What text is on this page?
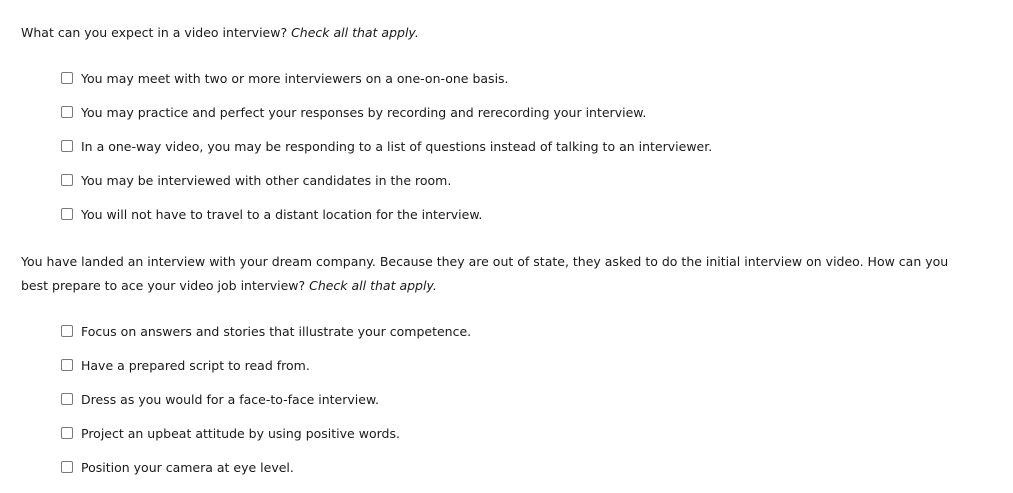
What can you expect in a video interview? Check all that apply.

You may meet with two or more interviewers on a one-on-one basis.
You may practice and perfect your responses by recording and rerecording your interview.
In a one-way video, you may be responding to a list of questions instead of talking to an interviewer.
You may be interviewed with other candidates in the room.
You will not have to travel to a distant location for the interview.

You have landed an interview with your dream company. Because they are out of state, they asked to do the initial interview on video. How can you best prepare to ace your video job interview? Check all that apply.

Focus on answers and stories that illustrate your competence.
Have a prepared script to read from.
Dress as you would for a face-to-face interview.
Project an upbeat attitude by using positive words.
Position your camera at eye level.
